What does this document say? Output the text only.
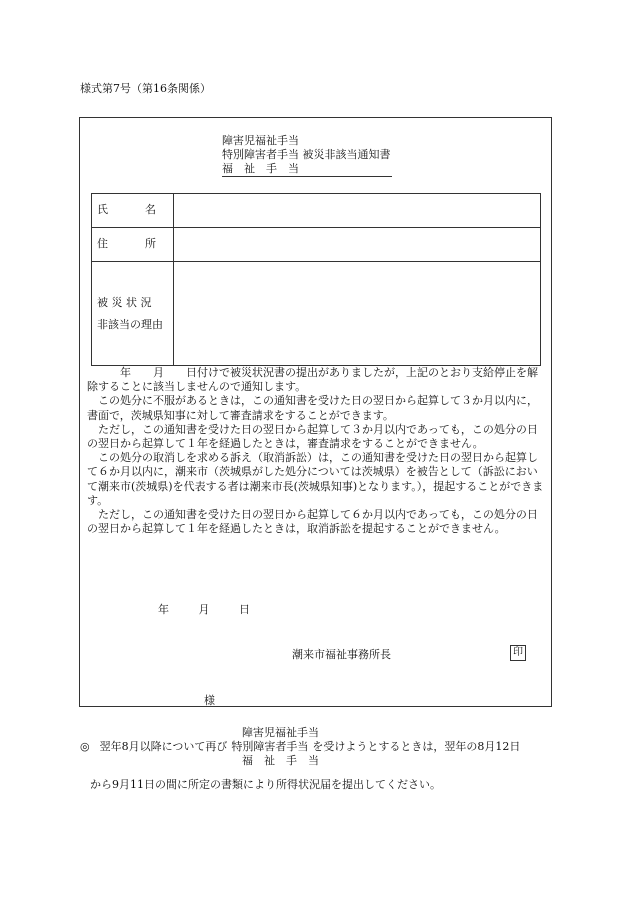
様式第7号（第16条関係）
障害児福祉手当
特別障害者手当 被災非該当通知書
福　祉　手　当
氏 名	

住 所	

被 災 状 況
非該当の理由	

　　　年　　月　　日付けで被災状況書の提出がありましたが，上記のとおり支給停止を解除することに該当しませんので通知します。

この処分に不服があるときは，この通知書を受けた日の翌日から起算して３か月以内に，書面で，茨城県知事に対して審査請求をすることができます。

ただし，この通知書を受けた日の翌日から起算して３か月以内であっても，この処分の日の翌日から起算して１年を経過したときは，審査請求をすることができません。

この処分の取消しを求める訴え（取消訴訟）は，この通知書を受けた日の翌日から起算して６か月以内に，潮来市（茨城県がした処分については茨城県）を被告として（訴訟において潮来市(茨城県)を代表する者は潮来市長(茨城県知事)となります。），提起することができます。

ただし，この通知書を受けた日の翌日から起算して６か月以内であっても，この処分の日の翌日から起算して１年を経過したときは，取消訴訟を提起することができません。

年	月	日
潮来市福祉事務所長	印
様
障害児福祉手当
◎ 翌年8月以降について再び 特別障害者手当 を受けようとするときは，翌年の8月12日
福　祉　手　当
から9月11日の間に所定の書類により所得状況届を提出してください。
